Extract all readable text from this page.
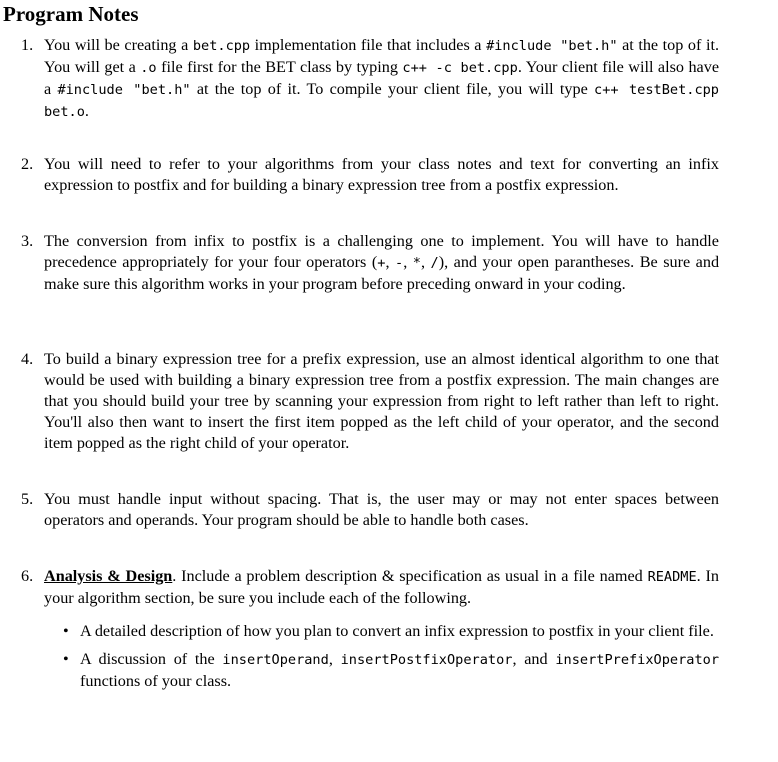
Program Notes
1. You will be creating a bet.cpp implementation file that includes a #include "bet.h" at the top of it. You will get a .o file first for the BET class by typing c++ -c bet.cpp. Your client file will also have a #include "bet.h" at the top of it. To compile your client file, you will type c++ testBet.cpp bet.o.

2. You will need to refer to your algorithms from your class notes and text for converting an infix expression to postfix and for building a binary expression tree from a postfix expression.

3. The conversion from infix to postfix is a challenging one to implement. You will have to handle precedence appropriately for your four operators (+, -, *, /), and your open parantheses. Be sure and make sure this algorithm works in your program before preceding onward in your coding.

4. To build a binary expression tree for a prefix expression, use an almost identical algorithm to one that would be used with building a binary expression tree from a postfix expression. The main changes are that you should build your tree by scanning your expression from right to left rather than left to right. You'll also then want to insert the first item popped as the left child of your operator, and the second item popped as the right child of your operator.

5. You must handle input without spacing. That is, the user may or may not enter spaces between operators and operands. Your program should be able to handle both cases.

6. Analysis & Design. Include a problem description & specification as usual in a file named README. In your algorithm section, be sure you include each of the following.

• A detailed description of how you plan to convert an infix expression to postfix in your client file.
• A discussion of the insertOperand, insertPostfixOperator, and insertPrefixOperator functions of your class.
